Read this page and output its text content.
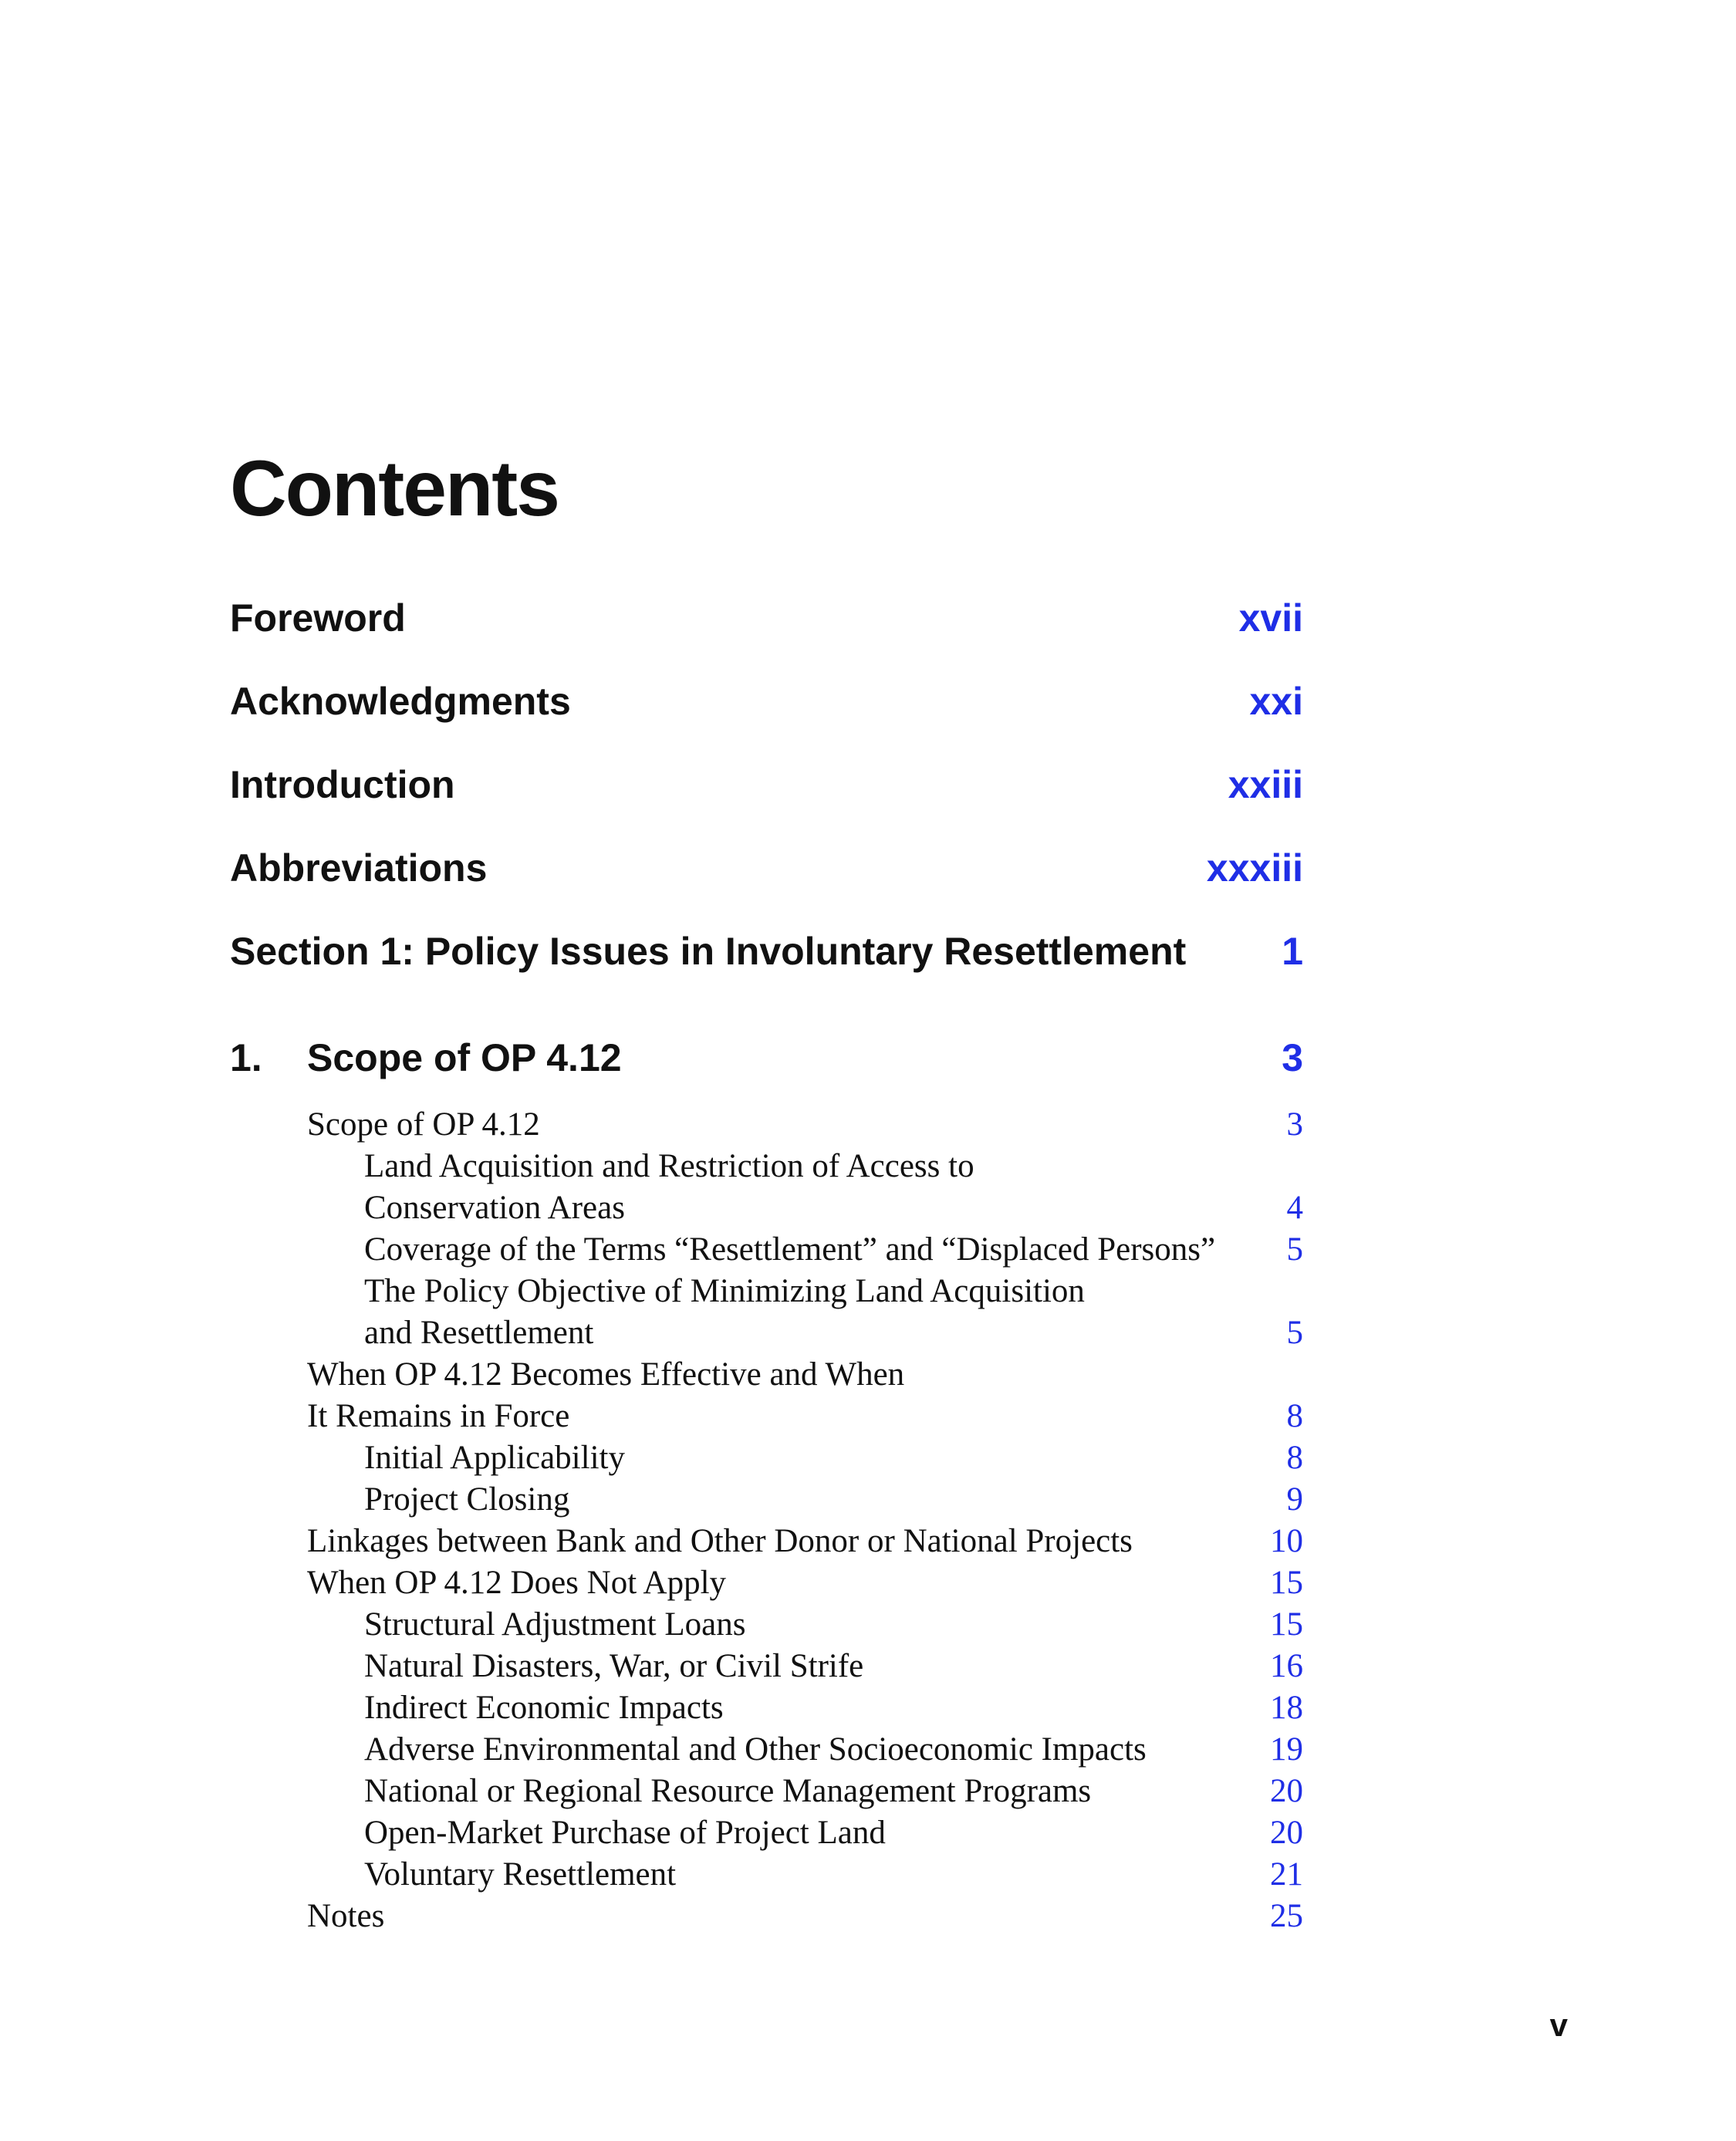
Contents
Foreword	xvii
Acknowledgments	xxi
Introduction	xxiii
Abbreviations	xxxiii
Section 1: Policy Issues in Involuntary Resettlement 1
1. Scope of OP 4.12	3
Scope of OP 4.12	3
Land Acquisition and Restriction of Access to
Conservation Areas	4
Coverage of the Terms “Resettlement” and “Displaced Persons” 5
The Policy Objective of Minimizing Land Acquisition
and Resettlement	5
When OP 4.12 Becomes Effective and When
It Remains in Force	8
Initial Applicability	8
Project Closing	9
Linkages between Bank and Other Donor or National Projects	10
When OP 4.12 Does Not Apply	15
Structural Adjustment Loans	15
Natural Disasters, War, or Civil Strife	16
Indirect Economic Impacts	18
Adverse Environmental and Other Socioeconomic Impacts	19
National or Regional Resource Management Programs	20
Open-Market Purchase of Project Land	20
Voluntary Resettlement	21
Notes	25
v
